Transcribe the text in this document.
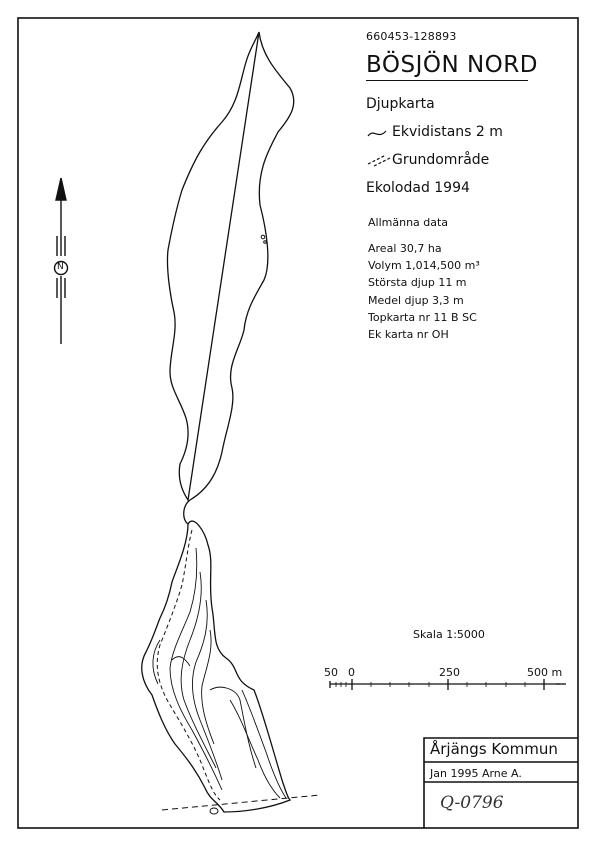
660453-128893
BÖSJÖN NORD
Djupkarta
Ekvidistans 2 m
Grundområde
Ekolodad 1994
Allmänna data
Areal 30,7 ha
Volym 1,014,500 m³
Största djup 11 m
Medel djup 3,3 m
Topkarta nr 11 B SC
Ek karta nr OH
N
Skala 1:5000
50 0	250	500 m
Årjängs Kommun
Jan 1995 Arne A.
Q-0796
